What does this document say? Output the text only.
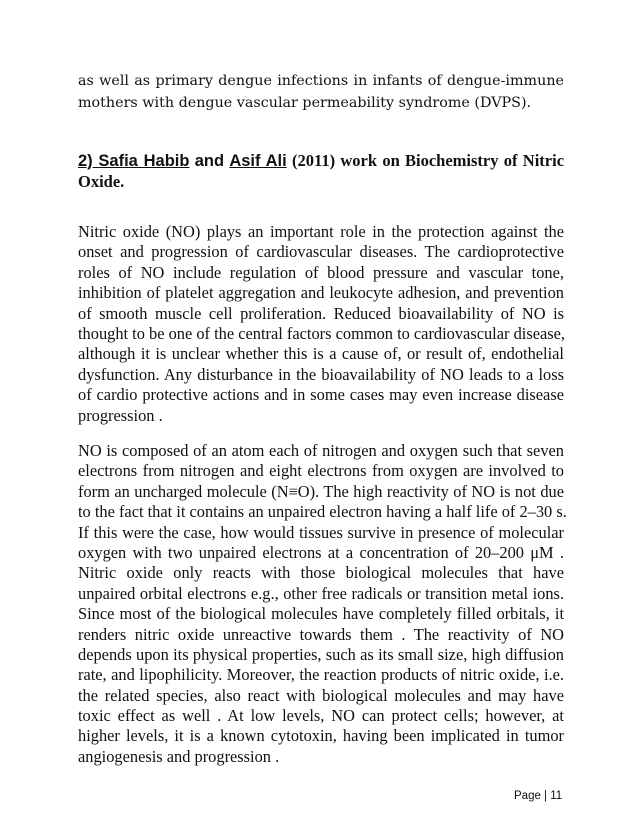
as well as primary dengue infections in infants of dengue-immune
mothers with dengue vascular permeability syndrome (DVPS).
2) Safia Habib and Asif Ali (2011) work on Biochemistry of Nitric
Oxide.
Nitric oxide (NO) plays an important role in the protection against the
onset and progression of cardiovascular diseases. The cardioprotective
roles of NO include regulation of blood pressure and vascular tone,
inhibition of platelet aggregation and leukocyte adhesion, and prevention
of smooth muscle cell proliferation. Reduced bioavailability of NO is
thought to be one of the central factors common to cardiovascular disease,
although it is unclear whether this is a cause of, or result of, endothelial
dysfunction. Any disturbance in the bioavailability of NO leads to a loss
of cardio protective actions and in some cases may even increase disease
progression .
NO is composed of an atom each of nitrogen and oxygen such that seven
electrons from nitrogen and eight electrons from oxygen are involved to
form an uncharged molecule (N≡O). The high reactivity of NO is not due
to the fact that it contains an unpaired electron having a half life of 2–30 s.
If this were the case, how would tissues survive in presence of molecular
oxygen with two unpaired electrons at a concentration of 20–200 μM .
Nitric oxide only reacts with those biological molecules that have
unpaired orbital electrons e.g., other free radicals or transition metal ions.
Since most of the biological molecules have completely filled orbitals, it
renders nitric oxide unreactive towards them . The reactivity of NO
depends upon its physical properties, such as its small size, high diffusion
rate, and lipophilicity. Moreover, the reaction products of nitric oxide, i.e.
the related species, also react with biological molecules and may have
toxic effect as well . At low levels, NO can protect cells; however, at
higher levels, it is a known cytotoxin, having been implicated in tumor
angiogenesis and progression .
Page | 11
